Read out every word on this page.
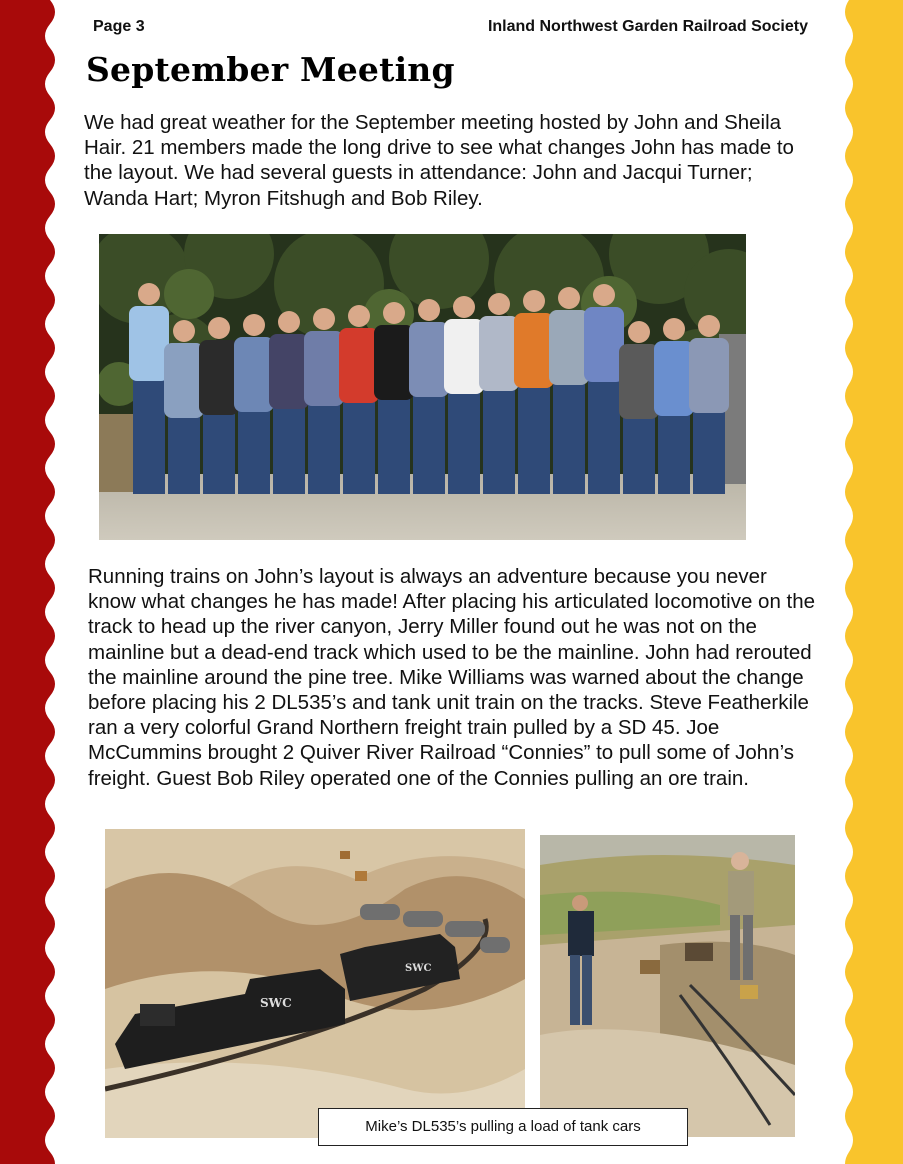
Page 3	Inland Northwest Garden Railroad Society
September Meeting
We had great weather for the September meeting hosted by John and Sheila Hair. 21 members made the long drive to see what changes John has made to the layout. We had several guests in attendance: John and Jacqui Turner; Wanda Hart; Myron Fitshugh and Bob Riley.
Running trains on John’s layout is always an adventure because you never know what changes he has made! After placing his articulated locomotive on the track to head up the river canyon, Jerry Miller found out he was not on the mainline but a dead-end track which used to be the mainline. John had rerouted the mainline around the pine tree. Mike Williams was warned about the change before placing his 2 DL535’s and tank unit train on the tracks. Steve Featherkile ran a very colorful Grand Northern freight train pulled by a SD 45. Joe McCummins brought 2 Quiver River Railroad “Connies” to pull some of John’s freight. Guest Bob Riley operated one of the Connies pulling an ore train.
SWC
SWC
Mike’s DL535’s pulling a load of tank cars
